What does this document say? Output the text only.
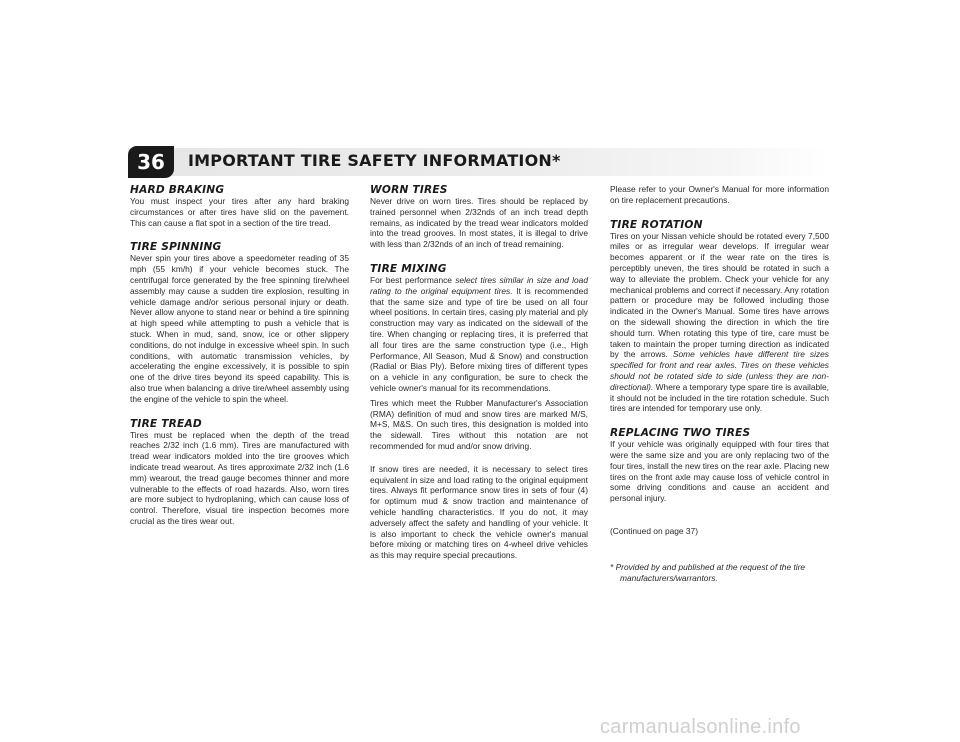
36	IMPORTANT TIRE SAFETY INFORMATION*
HARD BRAKING

You must inspect your tires after any hard braking circumstances or after tires have slid on the pavement. This can cause a flat spot in a section of the tire tread.

TIRE SPINNING

Never spin your tires above a speedometer reading of 35 mph (55 km/h) if your vehicle becomes stuck. The centrifugal force generated by the free spinning tire/wheel assembly may cause a sudden tire explosion, resulting in vehicle damage and/or serious personal injury or death. Never allow anyone to stand near or behind a tire spinning at high speed while attempting to push a vehicle that is stuck. When in mud, sand, snow, ice or other slippery conditions, do not indulge in excessive wheel spin. In such conditions, with automatic transmission vehicles, by accelerating the engine excessively, it is possible to spin one of the drive tires beyond its speed capability. This is also true when balancing a drive tire/wheel assembly using the engine of the vehicle to spin the wheel.

TIRE TREAD

Tires must be replaced when the depth of the tread reaches 2/32 inch (1.6 mm). Tires are manufactured with tread wear indicators molded into the tire grooves which indicate tread wearout. As tires approximate 2/32 inch (1.6 mm) wearout, the tread gauge becomes thinner and more vulnerable to the effects of road hazards. Also, worn tires are more subject to hydroplaning, which can cause loss of control. Therefore, visual tire inspection becomes more crucial as the tires wear out.

WORN TIRES

Never drive on worn tires. Tires should be replaced by trained personnel when 2/32nds of an inch tread depth remains, as indicated by the tread wear indicators molded into the tread grooves. In most states, it is illegal to drive with less than 2/32nds of an inch of tread remaining.

TIRE MIXING

For best performance select tires similar in size and load rating to the original equipment tires. It is recommended that the same size and type of tire be used on all four wheel positions. In certain tires, casing ply material and ply construction may vary as indicated on the sidewall of the tire. When changing or replacing tires, it is preferred that all four tires are the same construction type (i.e., High Performance, All Season, Mud & Snow) and construction (Radial or Bias Ply). Before mixing tires of different types on a vehicle in any configuration, be sure to check the vehicle owner's manual for its recommendations.

Tires which meet the Rubber Manufacturer's Association (RMA) definition of mud and snow tires are marked M/S, M+S, M&S. On such tires, this designation is molded into the sidewall. Tires without this notation are not recommended for mud and/or snow driving.

If snow tires are needed, it is necessary to select tires equivalent in size and load rating to the original equipment tires. Always fit performance snow tires in sets of four (4) for optimum mud & snow traction and maintenance of vehicle handling characteristics. If you do not, it may adversely affect the safety and handling of your vehicle. It is also important to check the vehicle owner's manual before mixing or matching tires on 4-wheel drive vehicles as this may require special precautions.

Please refer to your Owner's Manual for more information on tire replacement precautions.

TIRE ROTATION

Tires on your Nissan vehicle should be rotated every 7,500 miles or as irregular wear develops. If irregular wear becomes apparent or if the wear rate on the tires is perceptibly uneven, the tires should be rotated in such a way to alleviate the problem. Check your vehicle for any mechanical problems and correct if necessary. Any rotation pattern or procedure may be followed including those indicated in the Owner's Manual. Some tires have arrows on the sidewall showing the direction in which the tire should turn. When rotating this type of tire, care must be taken to maintain the proper turning direction as indicated by the arrows. Some vehicles have different tire sizes specified for front and rear axles. Tires on these vehicles should not be rotated side to side (unless they are non-directional). Where a temporary type spare tire is available, it should not be included in the tire rotation schedule. Such tires are intended for temporary use only.

REPLACING TWO TIRES

If your vehicle was originally equipped with four tires that were the same size and you are only replacing two of the four tires, install the new tires on the rear axle. Placing new tires on the front axle may cause loss of vehicle control in some driving conditions and cause an accident and personal injury.

(Continued on page 37)

* Provided by and published at the request of the tire manufacturers/warrantors.
carmanualsonline.info
